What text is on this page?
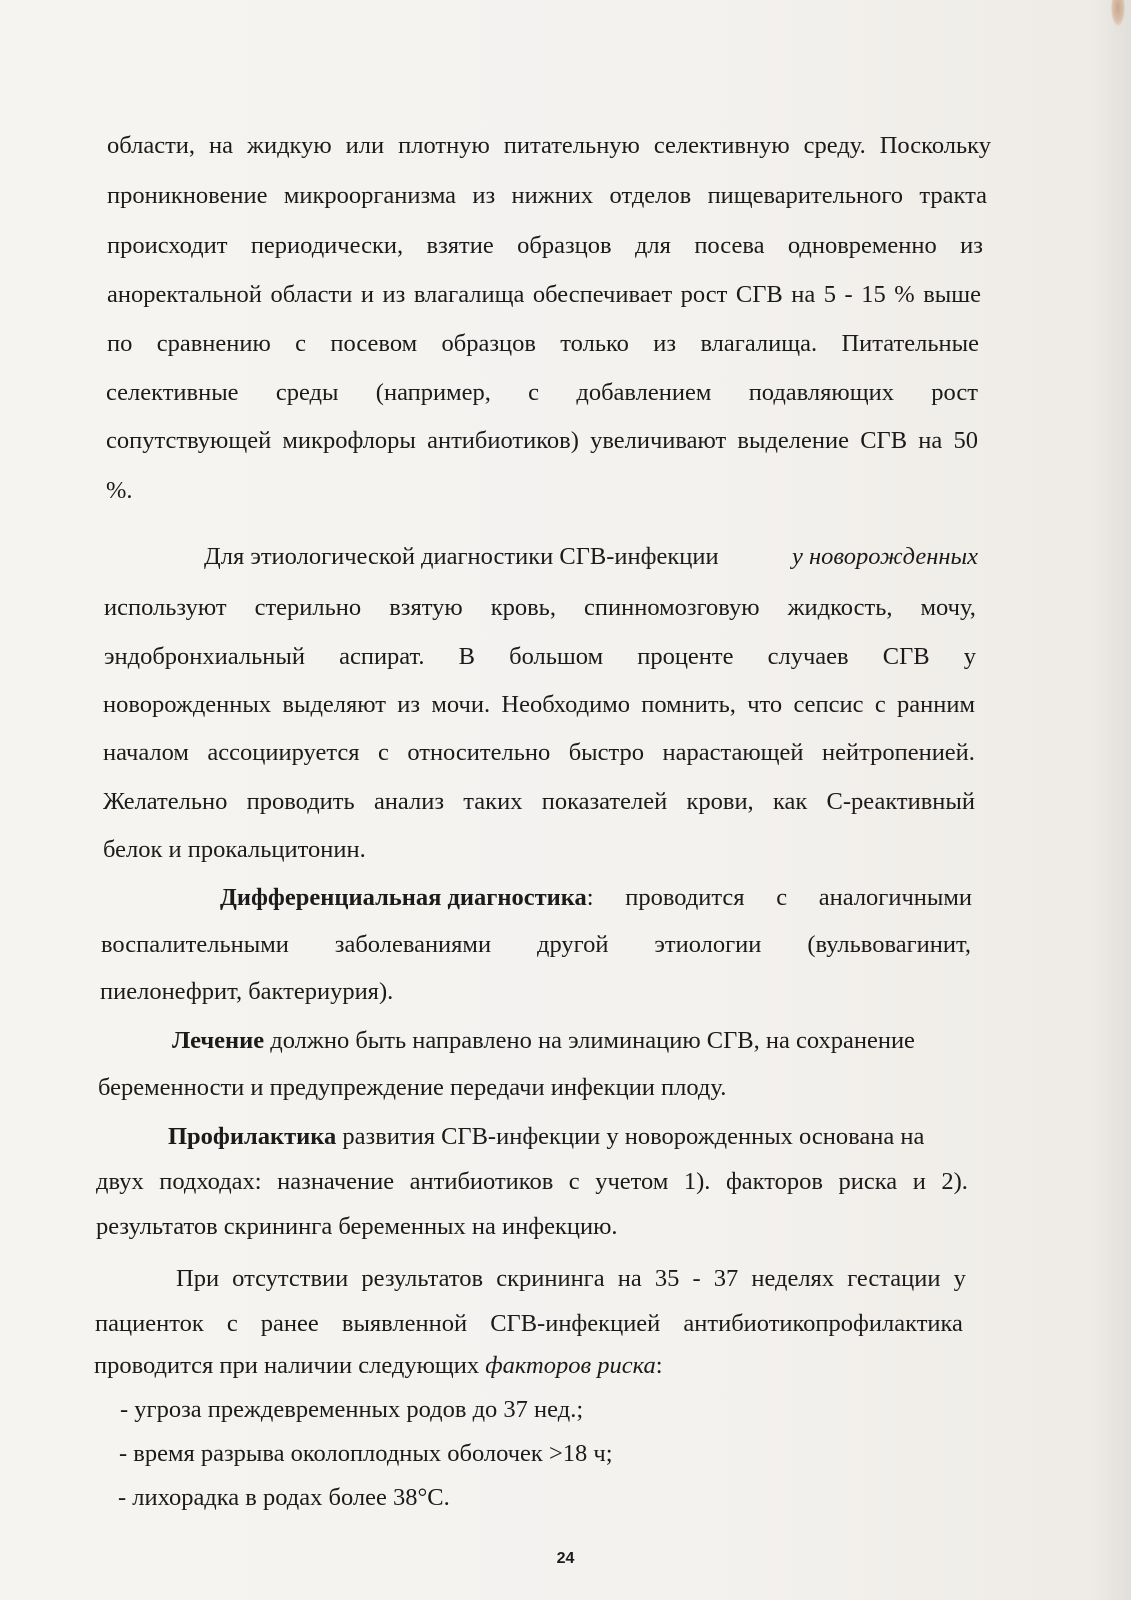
области, на жидкую или плотную питательную селективную среду. Поскольку
проникновение микроорганизма из нижних отделов пищеварительного тракта
происходит периодически, взятие образцов для посева одновременно из
аноректальной области и из влагалища обеспечивает рост СГВ на 5 - 15 % выше
по сравнению с посевом образцов только из влагалища. Питательные
селективные среды (например, с добавлением подавляющих рост
сопутствующей микрофлоры антибиотиков) увеличивают выделение СГВ на 50
%.
Для этиологической диагностики СГВ-инфекции	у новорожденных
используют стерильно взятую кровь, спинномозговую жидкость, мочу,
эндобронхиальный аспират. В большом проценте случаев СГВ у
новорожденных выделяют из мочи. Необходимо помнить, что сепсис с ранним
началом ассоциируется с относительно быстро нарастающей нейтропенией.
Желательно проводить анализ таких показателей крови, как С-реактивный
белок и прокальцитонин.
Дифференциальная диагностика : проводится с аналогичными
воспалительными заболеваниями другой этиологии (вульвовагинит,
пиелонефрит, бактериурия).
Лечение должно быть направлено на элиминацию СГВ, на сохранение
беременности и предупреждение передачи инфекции плоду.
Профилактика развития СГВ-инфекции у новорожденных основана на
двух подходах: назначение антибиотиков с учетом 1). факторов риска и 2).
результатов скрининга беременных на инфекцию.
При отсутствии результатов скрининга на 35 - 37 неделях гестации у
пациенток с ранее выявленной СГВ-инфекцией антибиотикопрофилактика
проводится при наличии следующих факторов риска:
- угроза преждевременных родов до 37 нед.;
- время разрыва околоплодных оболочек >18 ч;
- лихорадка в родах более 38°С.
24
